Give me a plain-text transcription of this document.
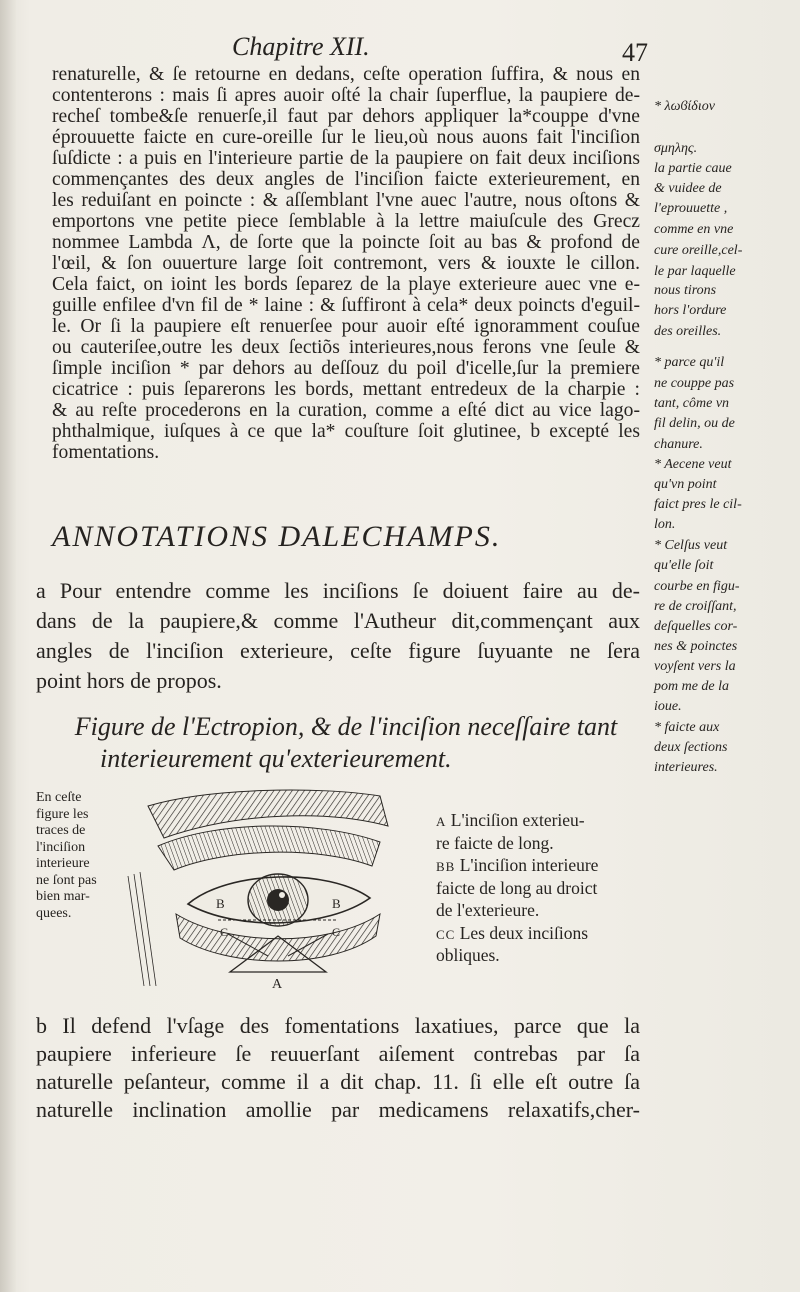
Chapitre XII.	47
renaturelle, & ſe retourne en dedans, ceſte operation ſuffira, & nous en
contenterons : mais ſi apres auoir oſté la chair ſuperflue, la paupiere de-
recheſ tombe&ſe renuerſe,il faut par dehors appliquer la*couppe d'vne
éprouuette faicte en cure-oreille ſur le lieu,où nous auons fait l'inciſion
ſuſdicte : a puis en l'interieure partie de la paupiere on fait deux inciſions
commençantes des deux angles de l'inciſion faicte exterieurement, en
les reduiſant en poincte : & aſſemblant l'vne auec l'autre, nous oſtons &
emportons vne petite piece ſemblable à la lettre maiuſcule des Grecz
nommee Lambda Λ, de ſorte que la poincte ſoit au bas & profond de
l'œil, & ſon ouuerture large ſoit contremont, vers & iouxte le cillon.
Cela faict, on ioint les bords ſeparez de la playe exterieure auec vne e-
guille enfilee d'vn fil de * laine : & ſuffiront à cela* deux poincts d'eguil-
le. Or ſi la paupiere eſt renuerſee pour auoir eſté ignoramment couſue
ou cauteriſee,outre les deux ſectiõs interieures,nous ferons vne ſeule &
ſimple inciſion * par dehors au deſſouz du poil d'icelle,ſur la premiere
cicatrice : puis ſeparerons les bords, mettant entredeux de la charpie :
& au reſte procederons en la curation, comme a eſté dict au vice lago-
phthalmique, iuſques à ce que la* couſture ſoit glutinee, b excepté les
fomentations.
* λωϐίδιον
σμηλης.
la partie caue
& vuidee de
l'eprouuette ,
comme en vne
cure oreille,cel-
le par laquelle
nous tirons
hors l'ordure
des oreilles.
* parce qu'il
ne couppe pas
tant, côme vn
fil delin, ou de
chanure.
* Aecene veut
qu'vn point
faict pres le cil-
lon.
* Celſus veut
qu'elle ſoit
courbe en figu-
re de croiſſant,
deſquelles cor-
nes & poinctes
voyſent vers la
pom me de la
ioue.
* faicte aux
deux ſections
interieures.
ANNOTATIONS DALECHAMPS.
a Pour entendre comme les inciſions ſe doiuent faire au de-
dans de la paupiere,& comme l'Autheur dit,commençant aux
angles de l'inciſion exterieure, ceſte figure ſuyuante ne ſera
point hors de propos.
Figure de l'Ectropion, & de l'inciſion neceſſaire tant
interieurement qu'exterieurement.
En ceſte
figure les
traces de
l'inciſion
interieure
ne ſont pas
bien mar-
quees.
A
B	B
C	C
A L'inciſion exterieu-
re faicte de long.
BB L'inciſion interieure
faicte de long au droict
de l'exterieure.
CC Les deux inciſions
obliques.
b Il defend l'vſage des fomentations laxatiues, parce que la
paupiere inferieure ſe reuuerſant aiſement contrebas par ſa
naturelle peſanteur, comme il a dit chap. 11. ſi elle eſt outre ſa
naturelle inclination amollie par medicamens relaxatifs,cher-
